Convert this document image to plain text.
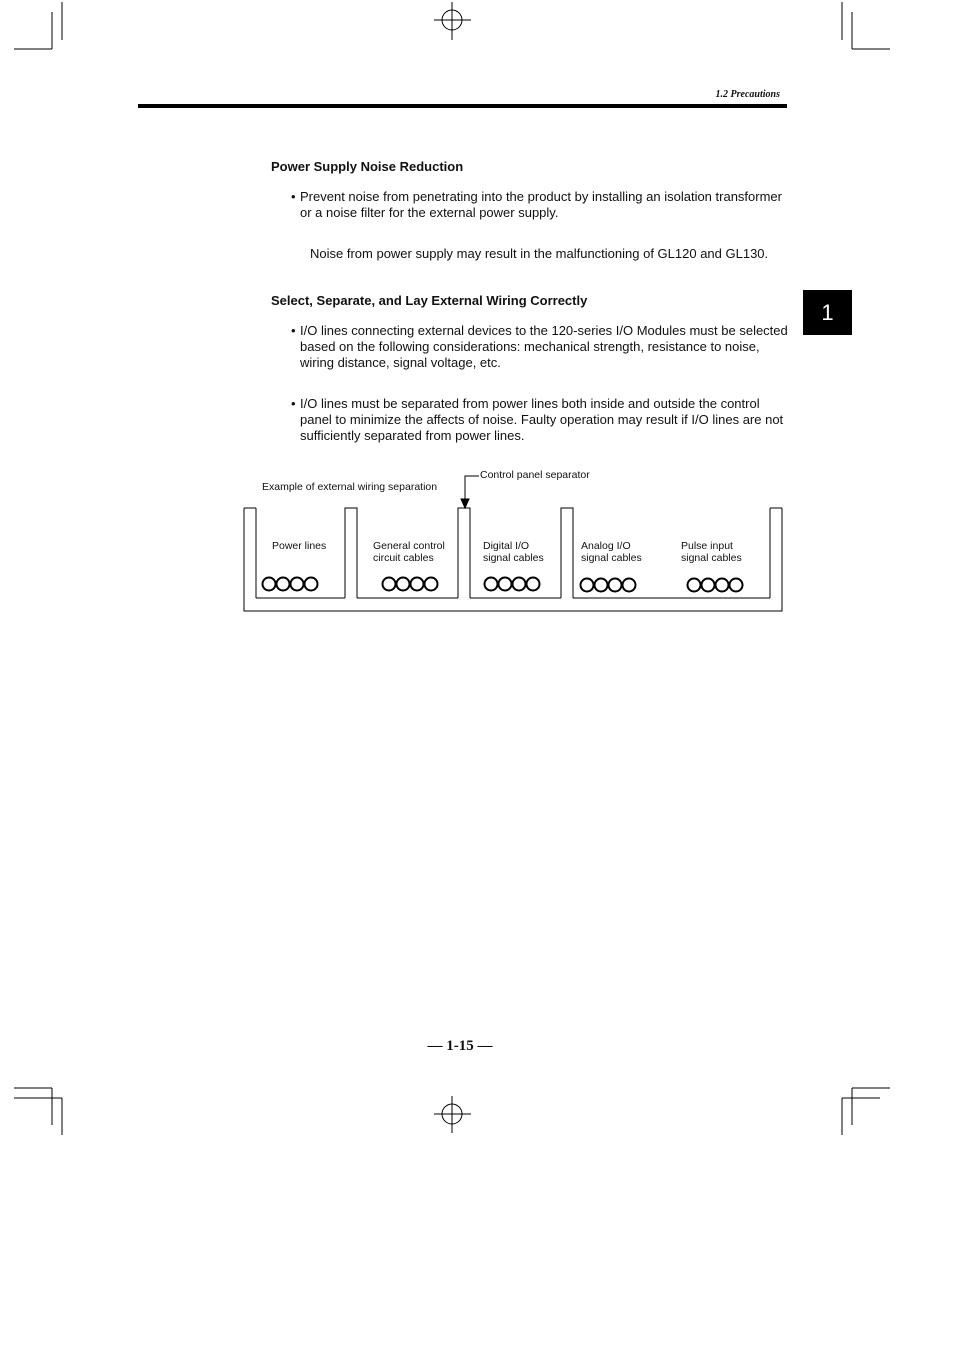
1.2 Precautions
1
Power Supply Noise Reduction
• Prevent noise from penetrating into the product by installing an isolation transformer or a noise filter for the external power supply.
Noise from power supply may result in the malfunctioning of GL120 and GL130.
Select, Separate, and Lay External Wiring Correctly
• I/O lines connecting external devices to the 120-series I/O Modules must be selected based on the following considerations: mechanical strength, resistance to noise, wiring distance, signal voltage, etc.
• I/O lines must be separated from power lines both inside and outside the control panel to minimize the affects of noise. Faulty operation may result if I/O lines are not sufficiently separated from power lines.
Example of external wiring separation
Control panel separator
Power lines	General control
circuit cables
Digital I/O
signal cables
Analog I/O
signal cables
Pulse input
signal cables
— 1-15 —
